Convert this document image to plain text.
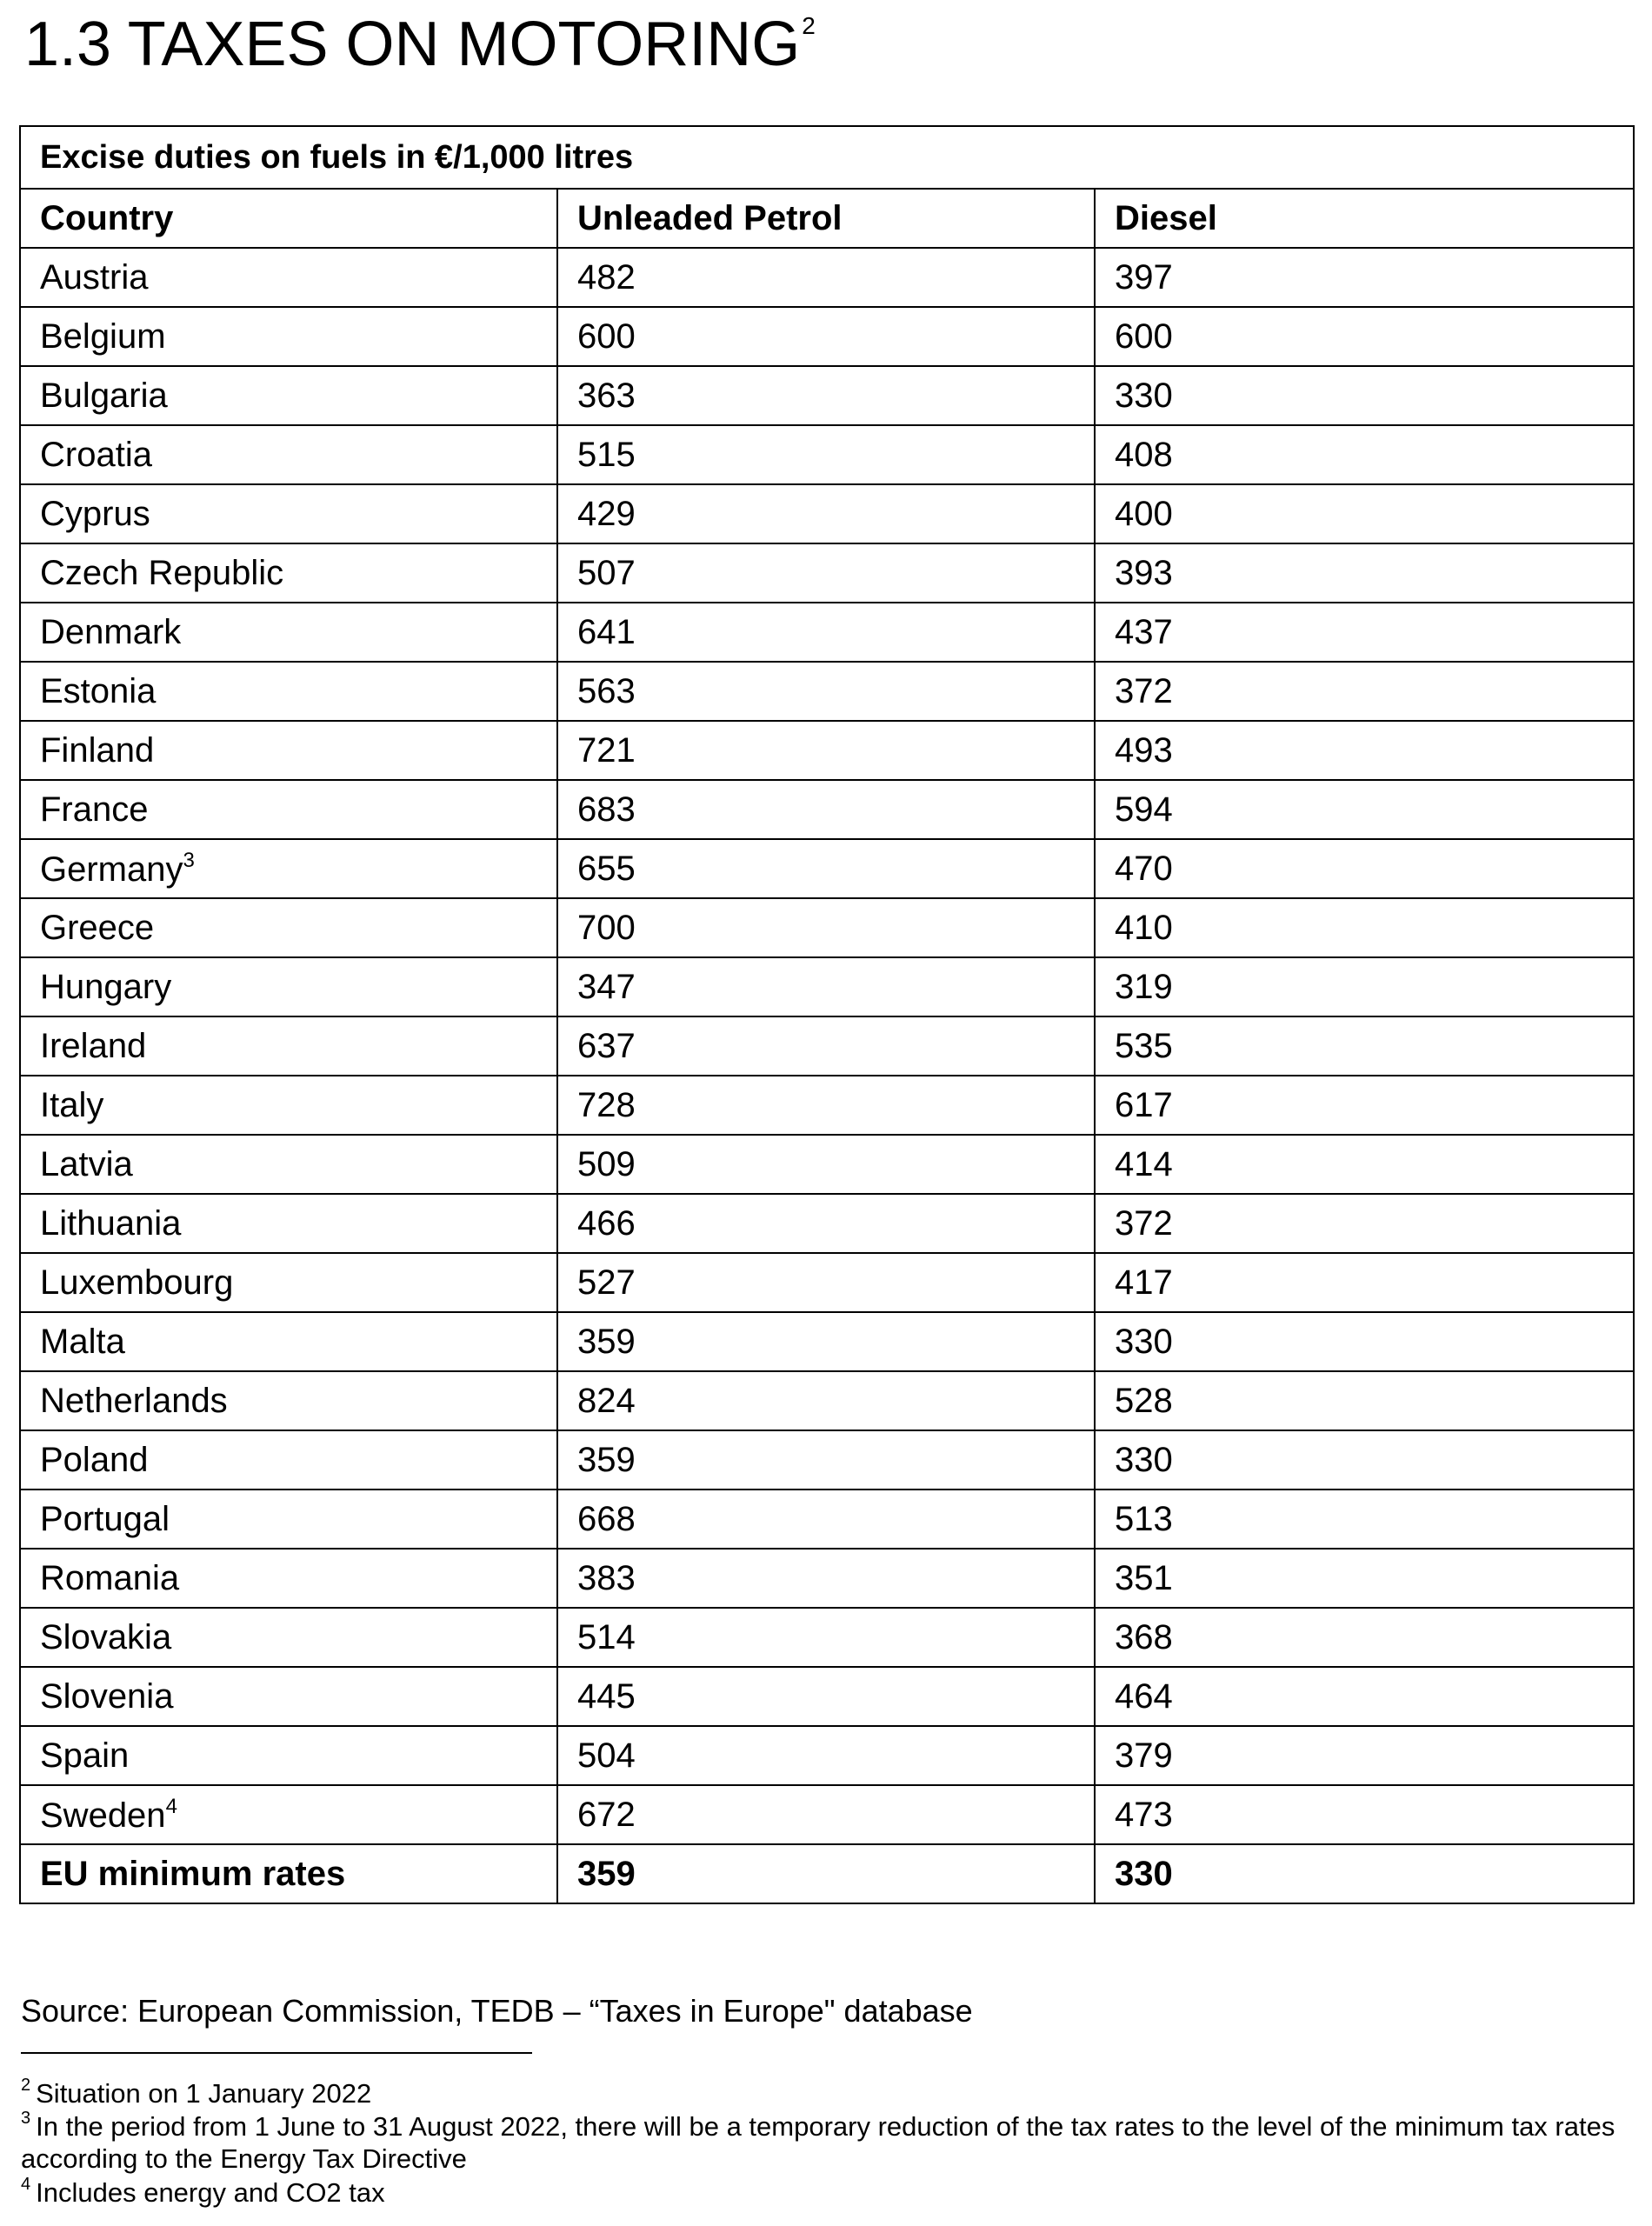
1.3 TAXES ON MOTORING$^2$
Excise duties on fuels in €/1,000 litres		
Country	Unleaded Petrol	Diesel
Austria	482	397
Belgium	600	600
Bulgaria	363	330
Croatia	515	408
Cyprus	429	400
Czech Republic	507	393
Denmark	641	437
Estonia	563	372
Finland	721	493
France	683	594
Germany$^3$	655	470
Greece	700	410
Hungary	347	319
Ireland	637	535
Italy	728	617
Latvia	509	414
Lithuania	466	372
Luxembourg	527	417
Malta	359	330
Netherlands	824	528
Poland	359	330
Portugal	668	513
Romania	383	351
Slovakia	514	368
Slovenia	445	464
Spain	504	379
Sweden$^4$	672	473
EU minimum rates	359	330
Source: European Commission, TEDB – “Taxes in Europe" database
$^2$ Situation on 1 January 2022
$^3$ In the period from 1 June to 31 August 2022, there will be a temporary reduction of the tax rates to the level of the minimum tax rates according to the Energy Tax Directive
$^4$ Includes energy and CO2 tax
